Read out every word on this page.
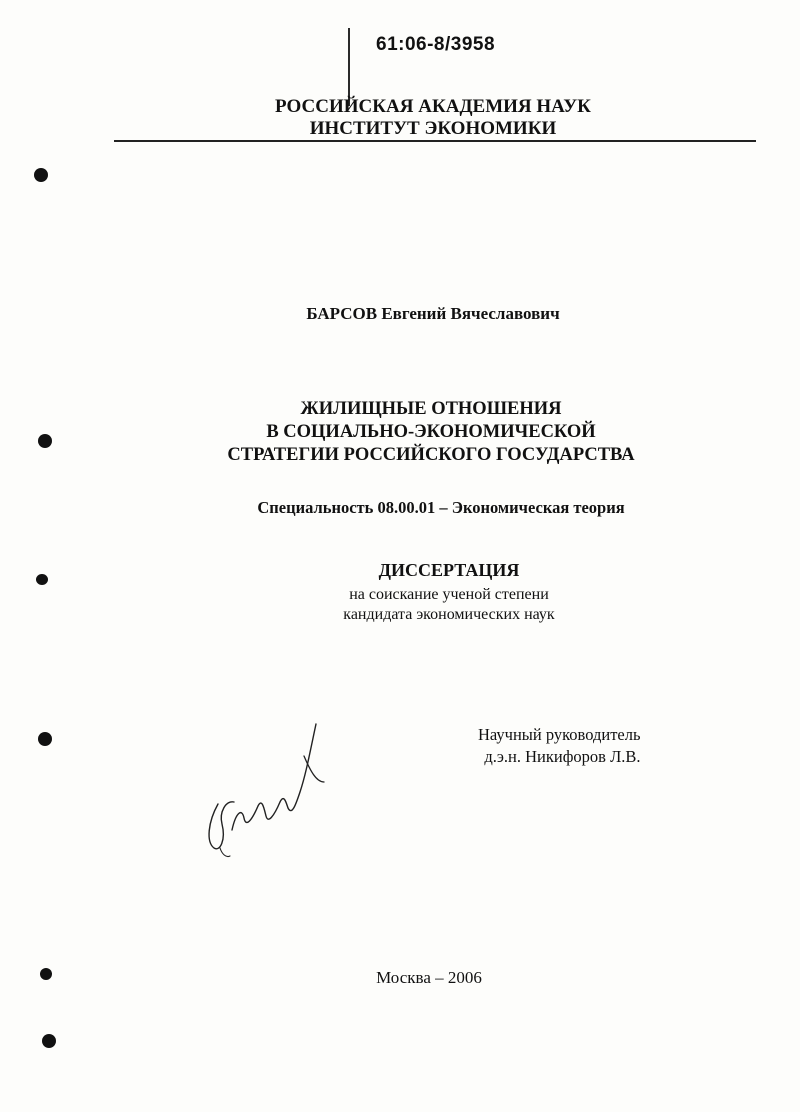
61:06-8/3958
РОССИЙСКАЯ АКАДЕМИЯ НАУК
ИНСТИТУТ ЭКОНОМИКИ
БАРСОВ Евгений Вячеславович
ЖИЛИЩНЫЕ ОТНОШЕНИЯ
В СОЦИАЛЬНО-ЭКОНОМИЧЕСКОЙ
СТРАТЕГИИ РОССИЙСКОГО ГОСУДАРСТВА
Специальность 08.00.01 – Экономическая теория
ДИССЕРТАЦИЯ
на соискание ученой степени
кандидата экономических наук
Научный руководитель
д.э.н. Никифоров Л.В.
Москва – 2006
